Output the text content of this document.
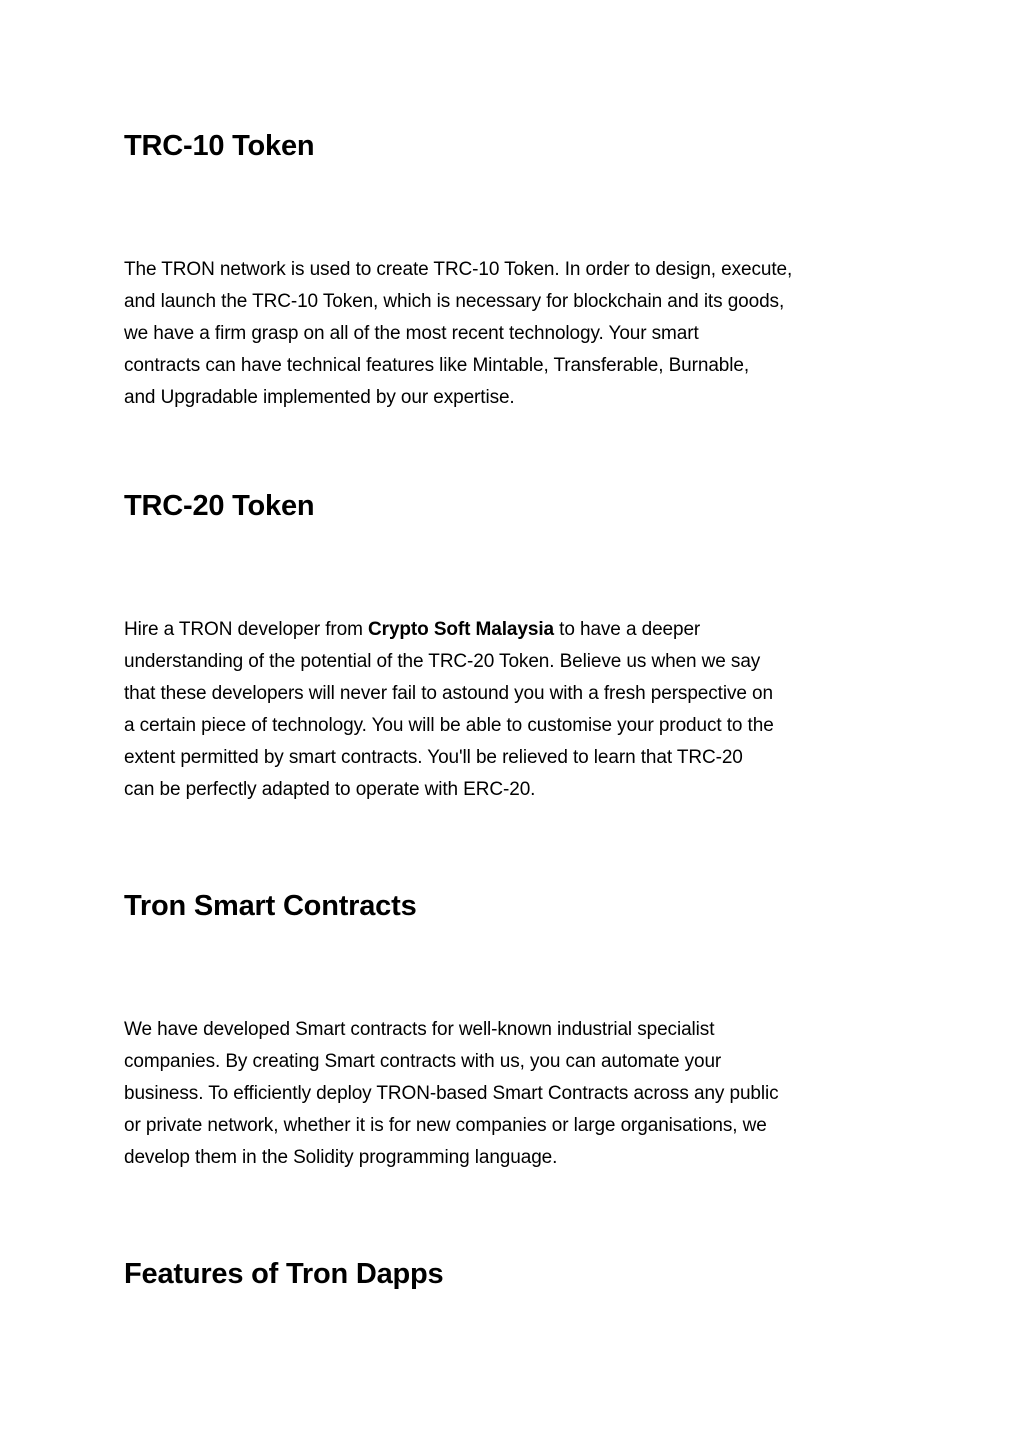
TRC-10 Token

The TRON network is used to create TRC-10 Token. In order to design, execute,
and launch the TRC-10 Token, which is necessary for blockchain and its goods,
we have a firm grasp on all of the most recent technology. Your smart
contracts can have technical features like Mintable, Transferable, Burnable,
and Upgradable implemented by our expertise.

TRC-20 Token

Hire a TRON developer from Crypto Soft Malaysia to have a deeper
understanding of the potential of the TRC-20 Token. Believe us when we say
that these developers will never fail to astound you with a fresh perspective on
a certain piece of technology. You will be able to customise your product to the
extent permitted by smart contracts. You'll be relieved to learn that TRC-20
can be perfectly adapted to operate with ERC-20.

Tron Smart Contracts

We have developed Smart contracts for well-known industrial specialist
companies. By creating Smart contracts with us, you can automate your
business. To efficiently deploy TRON-based Smart Contracts across any public
or private network, whether it is for new companies or large organisations, we
develop them in the Solidity programming language.

Features of Tron Dapps
